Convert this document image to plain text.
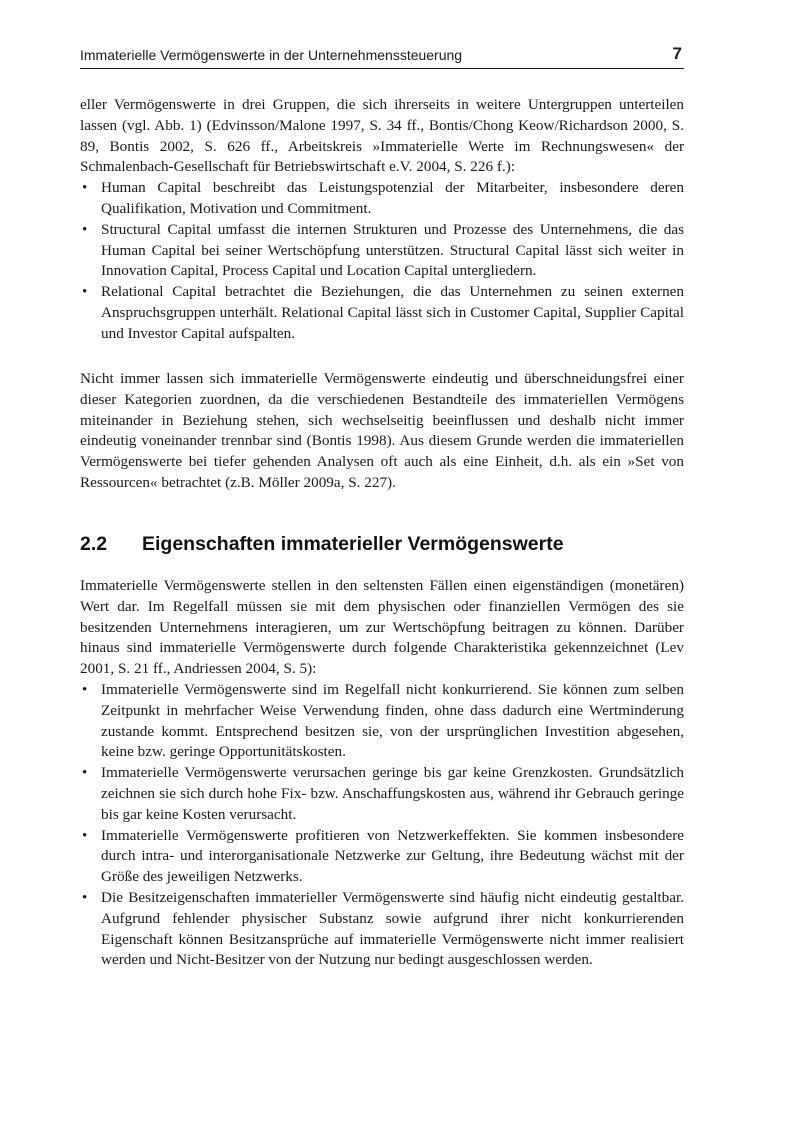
Immaterielle Vermögenswerte in der Unternehmenssteuerung	7

eller Vermögenswerte in drei Gruppen, die sich ihrerseits in weitere Untergruppen unterteilen lassen (vgl. Abb. 1) (Edvinsson/Malone 1997, S. 34 ff., Bontis/Chong Keow/Richardson 2000, S. 89, Bontis 2002, S. 626 ff., Arbeitskreis »Immaterielle Werte im Rechnungswesen« der Schmalenbach-Gesellschaft für Betriebswirtschaft e.V. 2004, S. 226 f.):

• Human Capital beschreibt das Leistungspotenzial der Mitarbeiter, insbesondere deren Qualifikation, Motivation und Commitment.
• Structural Capital umfasst die internen Strukturen und Prozesse des Unternehmens, die das Human Capital bei seiner Wertschöpfung unterstützen. Structural Capital lässt sich weiter in Innovation Capital, Process Capital und Location Capital untergliedern.
• Relational Capital betrachtet die Beziehungen, die das Unternehmen zu seinen externen Anspruchsgruppen unterhält. Relational Capital lässt sich in Customer Capital, Supplier Capital und Investor Capital aufspalten.

Nicht immer lassen sich immaterielle Vermögenswerte eindeutig und überschneidungsfrei einer dieser Kategorien zuordnen, da die verschiedenen Bestandteile des immateriellen Vermögens miteinander in Beziehung stehen, sich wechselseitig beeinflussen und deshalb nicht immer eindeutig voneinander trennbar sind (Bontis 1998). Aus diesem Grunde werden die immateriellen Vermögenswerte bei tiefer gehenden Analysen oft auch als eine Einheit, d.h. als ein »Set von Ressourcen« betrachtet (z.B. Möller 2009a, S. 227).

2.2 Eigenschaften immaterieller Vermögenswerte

Immaterielle Vermögenswerte stellen in den seltensten Fällen einen eigenständigen (monetären) Wert dar. Im Regelfall müssen sie mit dem physischen oder finanziellen Vermögen des sie besitzenden Unternehmens interagieren, um zur Wertschöpfung beitragen zu können. Darüber hinaus sind immaterielle Vermögenswerte durch folgende Charakteristika gekennzeichnet (Lev 2001, S. 21 ff., Andriessen 2004, S. 5):

• Immaterielle Vermögenswerte sind im Regelfall nicht konkurrierend. Sie können zum selben Zeitpunkt in mehrfacher Weise Verwendung finden, ohne dass dadurch eine Wertminderung zustande kommt. Entsprechend besitzen sie, von der ursprünglichen Investition abgesehen, keine bzw. geringe Opportunitätskosten.
• Immaterielle Vermögenswerte verursachen geringe bis gar keine Grenzkosten. Grundsätzlich zeichnen sie sich durch hohe Fix- bzw. Anschaffungskosten aus, während ihr Gebrauch geringe bis gar keine Kosten verursacht.
• Immaterielle Vermögenswerte profitieren von Netzwerkeffekten. Sie kommen insbesondere durch intra- und interorganisationale Netzwerke zur Geltung, ihre Bedeutung wächst mit der Größe des jeweiligen Netzwerks.
• Die Besitzeigenschaften immaterieller Vermögenswerte sind häufig nicht eindeutig gestaltbar. Aufgrund fehlender physischer Substanz sowie aufgrund ihrer nicht konkurrierenden Eigenschaft können Besitzansprüche auf immaterielle Vermögenswerte nicht immer realisiert werden und Nicht-Besitzer von der Nutzung nur bedingt ausgeschlossen werden.
